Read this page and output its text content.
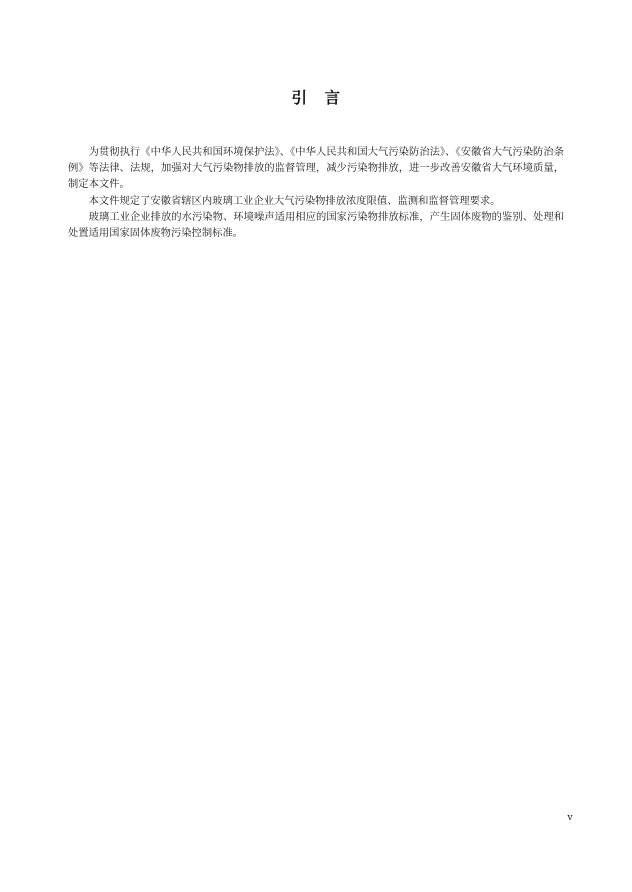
引 言

为贯彻执行《中华人民共和国环境保护法》、《中华人民共和国大气污染防治法》、《安徽省大气污染防治条例》等法律、法规，加强对大气污染物排放的监督管理，减少污染物排放，进一步改善安徽省大气环境质量，制定本文件。

本文件规定了安徽省辖区内玻璃工业企业大气污染物排放浓度限值、监测和监督管理要求。

玻璃工业企业排放的水污染物、环境噪声适用相应的国家污染物排放标准，产生固体废物的鉴别、处理和处置适用国家固体废物污染控制标准。

v
